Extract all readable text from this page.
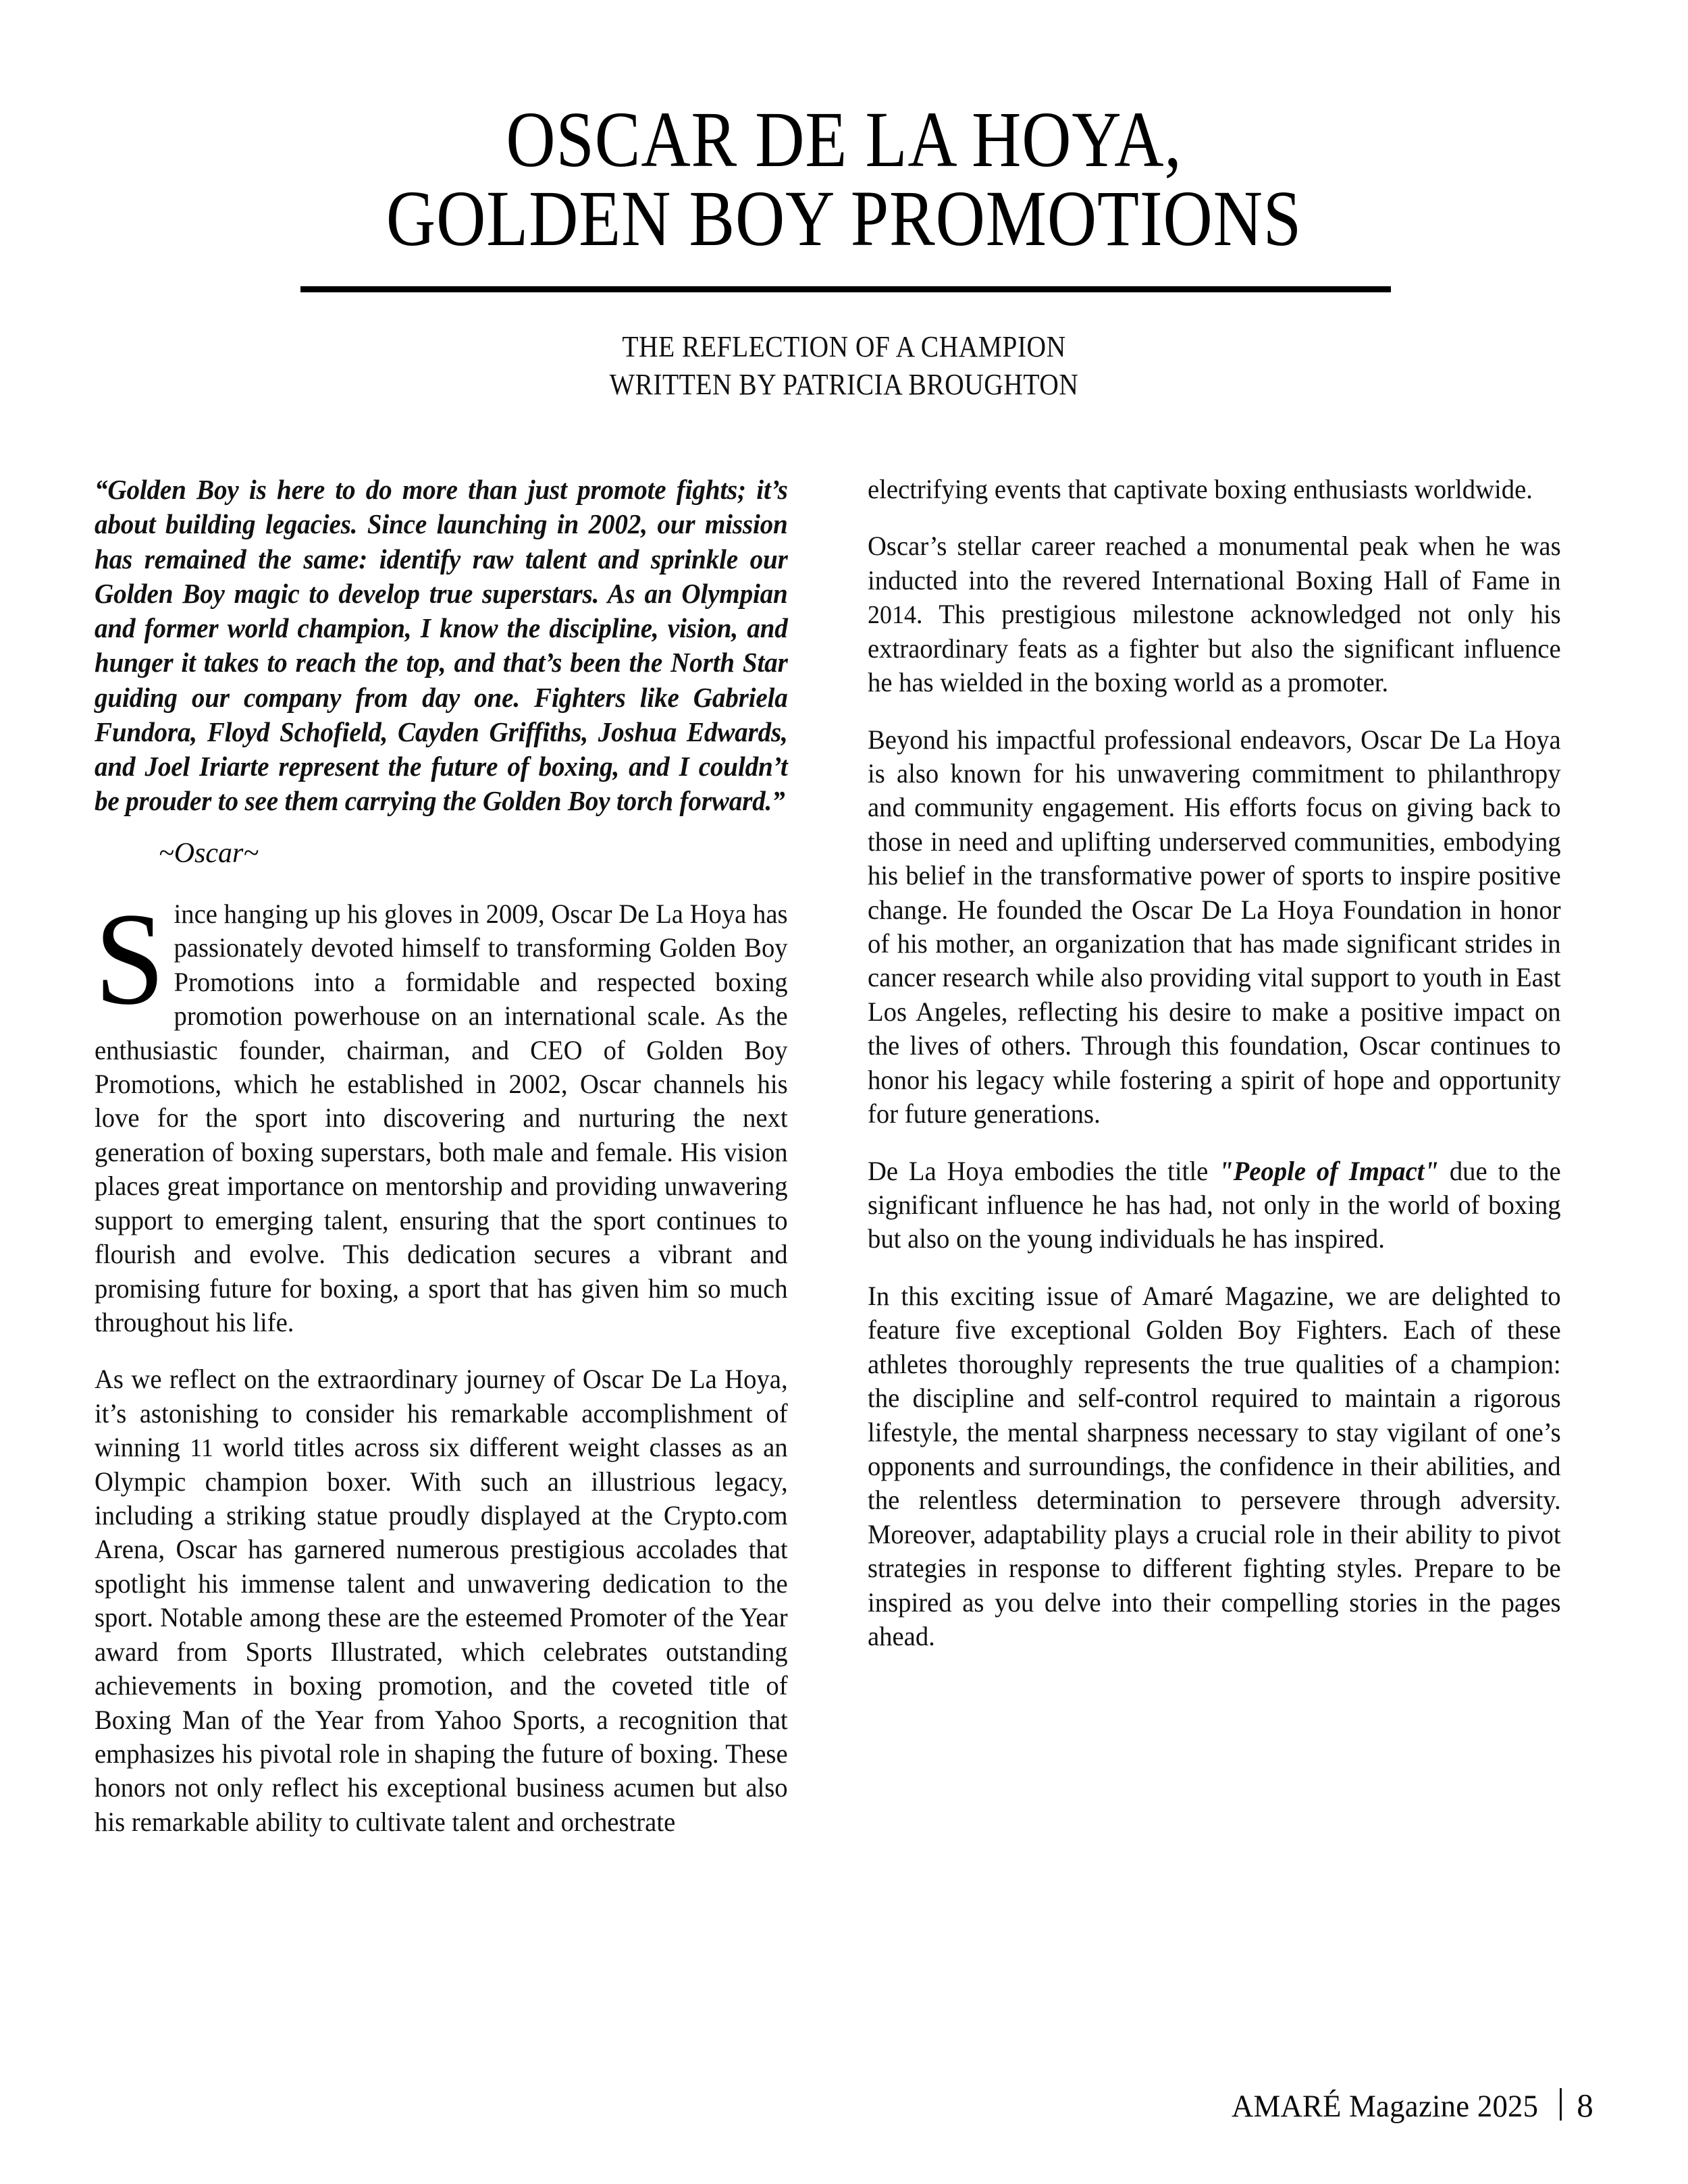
OSCAR DE LA HOYA,
GOLDEN BOY PROMOTIONS
THE REFLECTION OF A CHAMPION
WRITTEN BY PATRICIA BROUGHTON

“Golden Boy is here to do more than just promote fights; it’s about building legacies. Since launching in 2002, our mission has remained the same: identify raw talent and sprinkle our Golden Boy magic to develop true superstars. As an Olympian and former world champion, I know the discipline, vision, and hunger it takes to reach the top, and that’s been the North Star guiding our company from day one. Fighters like Gabriela Fundora, Floyd Schofield, Cayden Griffiths, Joshua Edwards, and Joel Iriarte represent the future of boxing, and I couldn’t be prouder to see them carrying the Golden Boy torch forward.”

~Oscar~

Since hanging up his gloves in 2009, Oscar De La Hoya has passionately devoted himself to transforming Golden Boy Promotions into a formidable and respected boxing promotion powerhouse on an international scale. As the enthusiastic founder, chairman, and CEO of Golden Boy Promotions, which he established in 2002, Oscar channels his love for the sport into discovering and nurturing the next generation of boxing superstars, both male and female. His vision places great importance on mentorship and providing unwavering support to emerging talent, ensuring that the sport continues to flourish and evolve. This dedication secures a vibrant and promising future for boxing, a sport that has given him so much throughout his life.

As we reflect on the extraordinary journey of Oscar De La Hoya, it’s astonishing to consider his remarkable accomplishment of winning 11 world titles across six different weight classes as an Olympic champion boxer. With such an illustrious legacy, including a striking statue proudly displayed at the Crypto.com Arena, Oscar has garnered numerous prestigious accolades that spotlight his immense talent and unwavering dedication to the sport. Notable among these are the esteemed Promoter of the Year award from Sports Illustrated, which celebrates outstanding achievements in boxing promotion, and the coveted title of Boxing Man of the Year from Yahoo Sports, a recognition that emphasizes his pivotal role in shaping the future of boxing. These honors not only reflect his exceptional business acumen but also his remarkable ability to cultivate talent and orchestrate

electrifying events that captivate boxing enthusiasts worldwide.

Oscar’s stellar career reached a monumental peak when he was inducted into the revered International Boxing Hall of Fame in 2014. This prestigious milestone acknowledged not only his extraordinary feats as a fighter but also the significant influence he has wielded in the boxing world as a promoter.

Beyond his impactful professional endeavors, Oscar De La Hoya is also known for his unwavering commitment to philanthropy and community engagement. His efforts focus on giving back to those in need and uplifting underserved communities, embodying his belief in the transformative power of sports to inspire positive change. He founded the Oscar De La Hoya Foundation in honor of his mother, an organization that has made significant strides in cancer research while also providing vital support to youth in East Los Angeles, reflecting his desire to make a positive impact on the lives of others. Through this foundation, Oscar continues to honor his legacy while fostering a spirit of hope and opportunity for future generations.

De La Hoya embodies the title "People of Impact" due to the significant influence he has had, not only in the world of boxing but also on the young individuals he has inspired.

In this exciting issue of Amaré Magazine, we are delighted to feature five exceptional Golden Boy Fighters. Each of these athletes thoroughly represents the true qualities of a champion: the discipline and self-control required to maintain a rigorous lifestyle, the mental sharpness necessary to stay vigilant of one’s opponents and surroundings, the confidence in their abilities, and the relentless determination to persevere through adversity. Moreover, adaptability plays a crucial role in their ability to pivot strategies in response to different fighting styles. Prepare to be inspired as you delve into their compelling stories in the pages ahead.

AMARÉ Magazine 2025 8
